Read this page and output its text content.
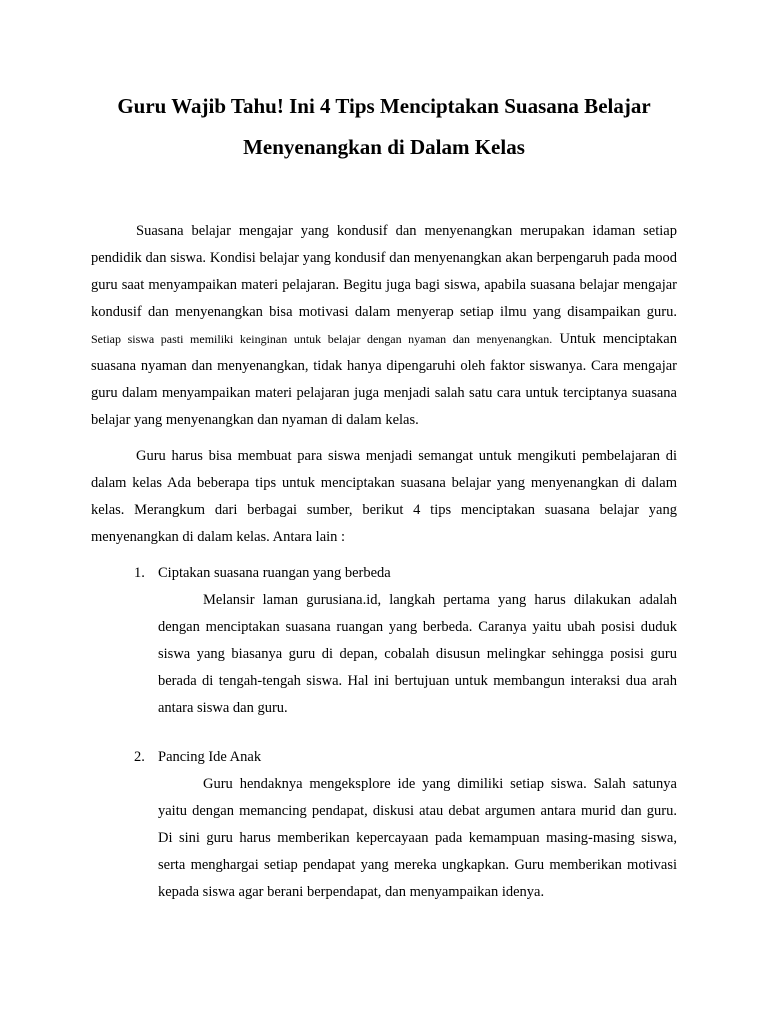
Guru Wajib Tahu! Ini 4 Tips Menciptakan Suasana Belajar
Menyenangkan di Dalam Kelas

Suasana belajar mengajar yang kondusif dan menyenangkan merupakan idaman setiap pendidik dan siswa. Kondisi belajar yang kondusif dan menyenangkan akan berpengaruh pada mood guru saat menyampaikan materi pelajaran. Begitu juga bagi siswa, apabila suasana belajar mengajar kondusif dan menyenangkan bisa motivasi dalam menyerap setiap ilmu yang disampaikan guru. Setiap siswa pasti memiliki keinginan untuk belajar dengan nyaman dan menyenangkan. Untuk menciptakan suasana nyaman dan menyenangkan, tidak hanya dipengaruhi oleh faktor siswanya. Cara mengajar guru dalam menyampaikan materi pelajaran juga menjadi salah satu cara untuk terciptanya suasana belajar yang menyenangkan dan nyaman di dalam kelas.

Guru harus bisa membuat para siswa menjadi semangat untuk mengikuti pembelajaran di dalam kelas Ada beberapa tips untuk menciptakan suasana belajar yang menyenangkan di dalam kelas. Merangkum dari berbagai sumber, berikut 4 tips menciptakan suasana belajar yang menyenangkan di dalam kelas. Antara lain :

1. Ciptakan suasana ruangan yang berbeda

Melansir laman gurusiana.id, langkah pertama yang harus dilakukan adalah dengan menciptakan suasana ruangan yang berbeda. Caranya yaitu ubah posisi duduk siswa yang biasanya guru di depan, cobalah disusun melingkar sehingga posisi guru berada di tengah-tengah siswa. Hal ini bertujuan untuk membangun interaksi dua arah antara siswa dan guru.

2. Pancing Ide Anak

Guru hendaknya mengeksplore ide yang dimiliki setiap siswa. Salah satunya yaitu dengan memancing pendapat, diskusi atau debat argumen antara murid dan guru. Di sini guru harus memberikan kepercayaan pada kemampuan masing-masing siswa, serta menghargai setiap pendapat yang mereka ungkapkan. Guru memberikan motivasi kepada siswa agar berani berpendapat, dan menyampaikan idenya.
